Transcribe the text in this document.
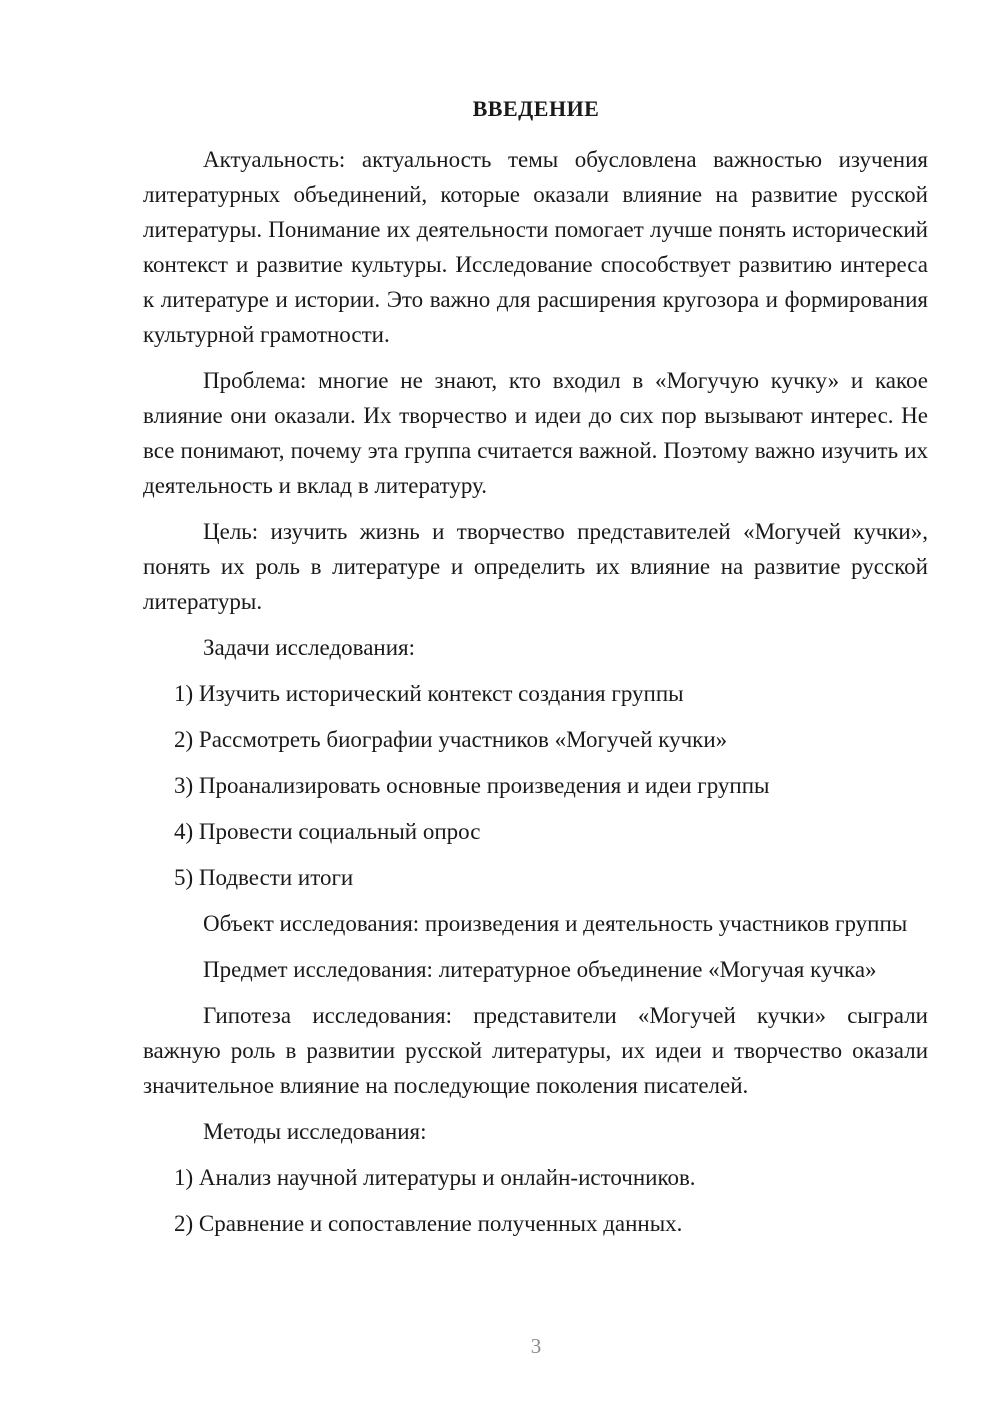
ВВЕДЕНИЕ

Актуальность: актуальность темы обусловлена важностью изучения литературных объединений, которые оказали влияние на развитие русской литературы. Понимание их деятельности помогает лучше понять исторический контекст и развитие культуры. Исследование способствует развитию интереса к литературе и истории. Это важно для расширения кругозора и формирования культурной грамотности.

Проблема: многие не знают, кто входил в «Могучую кучку» и какое влияние они оказали. Их творчество и идеи до сих пор вызывают интерес. Не все понимают, почему эта группа считается важной. Поэтому важно изучить их деятельность и вклад в литературу.

Цель: изучить жизнь и творчество представителей «Могучей кучки», понять их роль в литературе и определить их влияние на развитие русской литературы.

Задачи исследования:

1) Изучить исторический контекст создания группы

2) Рассмотреть биографии участников «Могучей кучки»

3) Проанализировать основные произведения и идеи группы

4) Провести социальный опрос

5) Подвести итоги

Объект исследования: произведения и деятельность участников группы

Предмет исследования: литературное объединение «Могучая кучка»

Гипотеза исследования: представители «Могучей кучки» сыграли важную роль в развитии русской литературы, их идеи и творчество оказали значительное влияние на последующие поколения писателей.

Методы исследования:

1) Анализ научной литературы и онлайн-источников.

2) Сравнение и сопоставление полученных данных.

3
